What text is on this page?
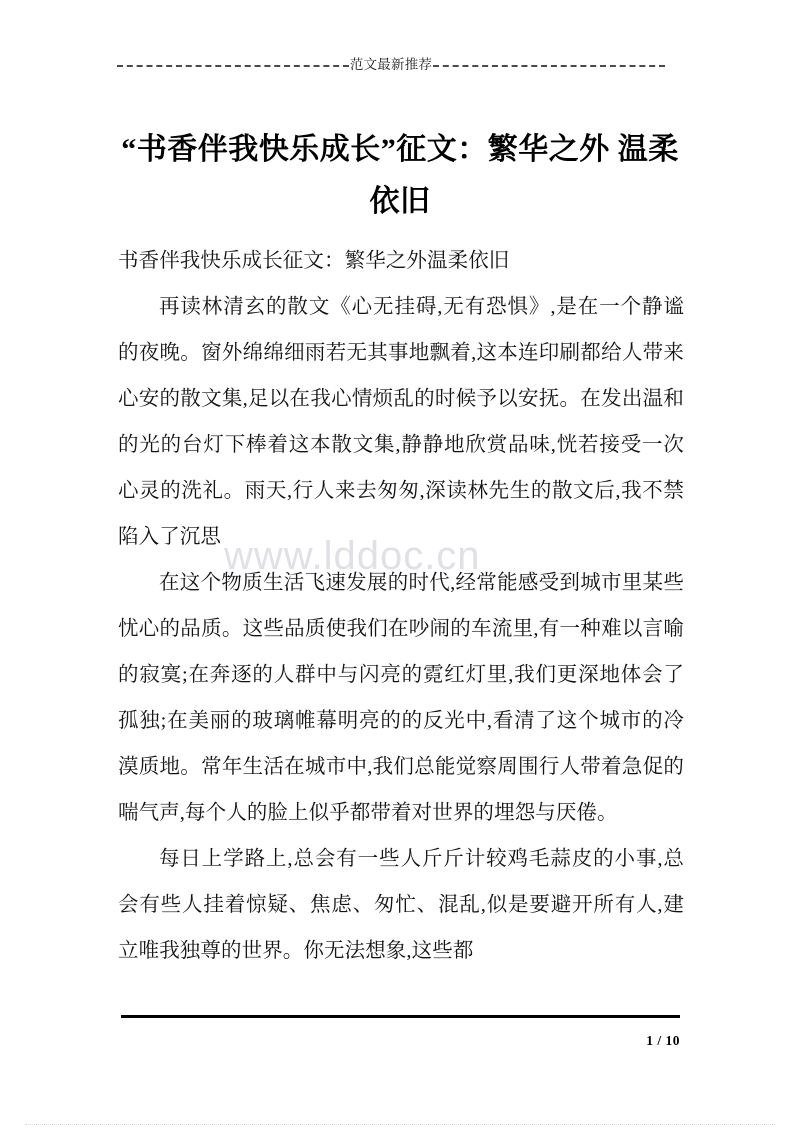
范文最新推荐
“书香伴我快乐成长”征文：繁华之外 温柔依旧

书香伴我快乐成长征文：繁华之外温柔依旧

再读林清玄的散文《心无挂碍,无有恐惧》,是在一个静谧的夜晚。窗外绵绵细雨若无其事地飘着,这本连印刷都给人带来心安的散文集,足以在我心情烦乱的时候予以安抚。在发出温和的光的台灯下棒着这本散文集,静静地欣赏品味,恍若接受一次心灵的洗礼。雨天,行人来去匆匆,深读林先生的散文后,我不禁陷入了沉思

在这个物质生活飞速发展的时代,经常能感受到城市里某些忧心的品质。这些品质使我们在吵闹的车流里,有一种难以言喻的寂寞;在奔逐的人群中与闪亮的霓红灯里,我们更深地体会了孤独;在美丽的玻璃帷幕明亮的的反光中,看清了这个城市的冷漠质地。常年生活在城市中,我们总能觉察周围行人带着急促的喘气声,每个人的脸上似乎都带着对世界的埋怨与厌倦。

每日上学路上,总会有一些人斤斤计较鸡毛蒜皮的小事,总会有些人挂着惊疑、焦虑、匆忙、混乱,似是要避开所有人,建立唯我独尊的世界。你无法想象,这些都

www.lddoc.cn
1 / 10
